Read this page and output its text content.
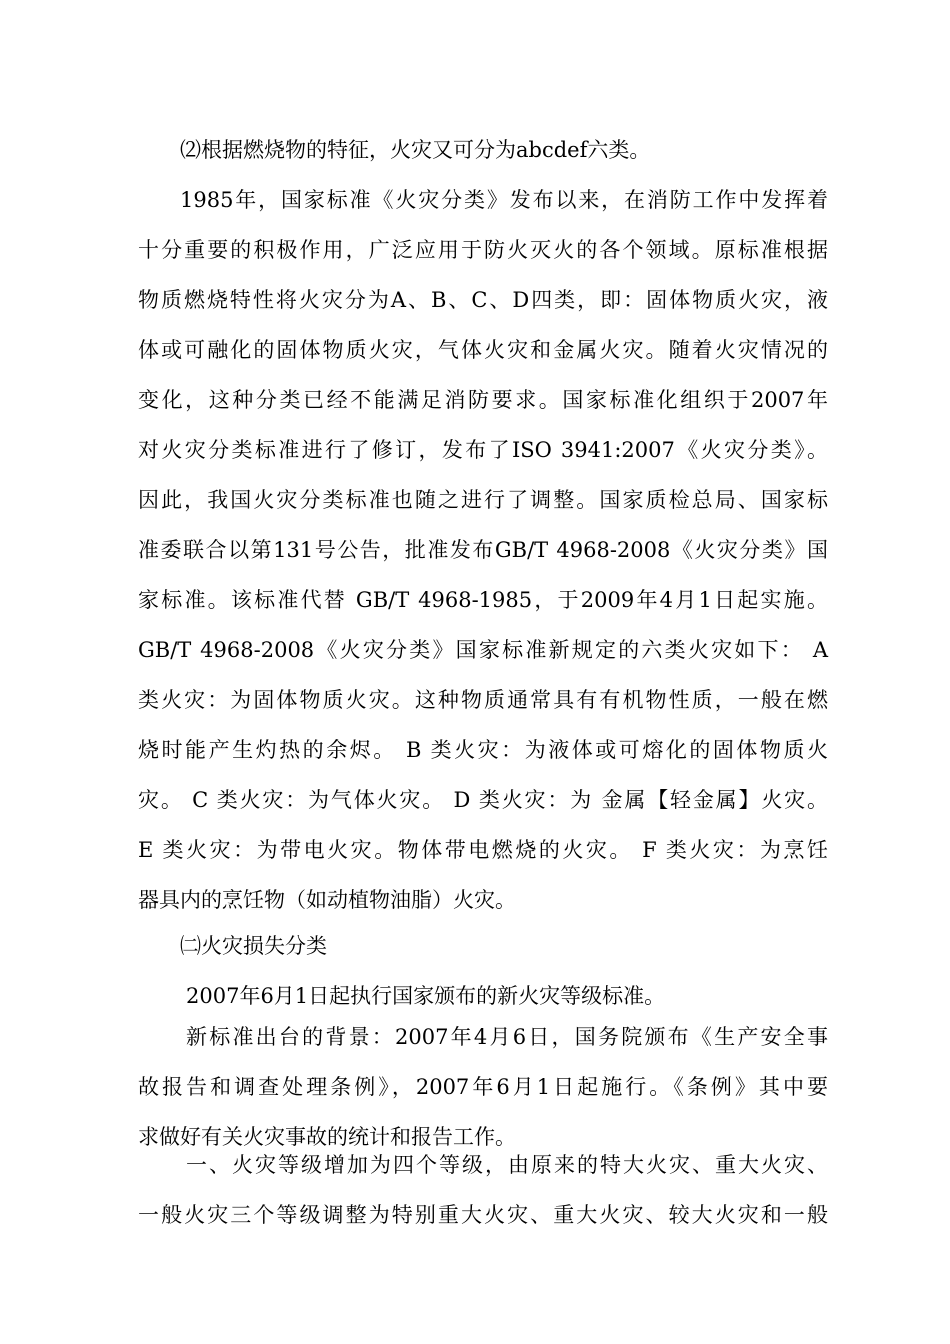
⑵根据燃烧物的特征，火灾又可分为abcdef六类。
1985年，国家标准《火灾分类》发布以来，在消防工作中发挥着
十分重要的积极作用，广泛应用于防火灭火的各个领域。原标准根据
物质燃烧特性将火灾分为A、B、C、D四类，即：固体物质火灾，液
体或可融化的固体物质火灾，气体火灾和金属火灾。随着火灾情况的
变化，这种分类已经不能满足消防要求。国家标准化组织于2007年
对火灾分类标准进行了修订，发布了ISO 3941:2007《火灾分类》。
因此，我国火灾分类标准也随之进行了调整。国家质检总局、国家标
准委联合以第131号公告，批准发布GB/T 4968-2008《火灾分类》国
家标准。该标准代替 GB/T 4968-1985，于2009年4月1日起实施。
GB/T 4968-2008《火灾分类》国家标准新规定的六类火灾如下： A
类火灾：为固体物质火灾。这种物质通常具有有机物性质，一般在燃
烧时能产生灼热的余烬。 B 类火灾：为液体或可熔化的固体物质火
灾。 C 类火灾：为气体火灾。 D 类火灾：为 金属【轻金属】火灾。
E 类火灾：为带电火灾。物体带电燃烧的火灾。 F 类火灾：为烹饪
器具内的烹饪物（如动植物油脂）火灾。
㈡火灾损失分类
2007年6月1日起执行国家颁布的新火灾等级标准。
新标准出台的背景：2007年4月6日，国务院颁布《生产安全事
故报告和调查处理条例》，2007年6月1日起施行。《条例》其中要
求做好有关火灾事故的统计和报告工作。
一、火灾等级增加为四个等级，由原来的特大火灾、重大火灾、
一般火灾三个等级调整为特别重大火灾、重大火灾、较大火灾和一般
